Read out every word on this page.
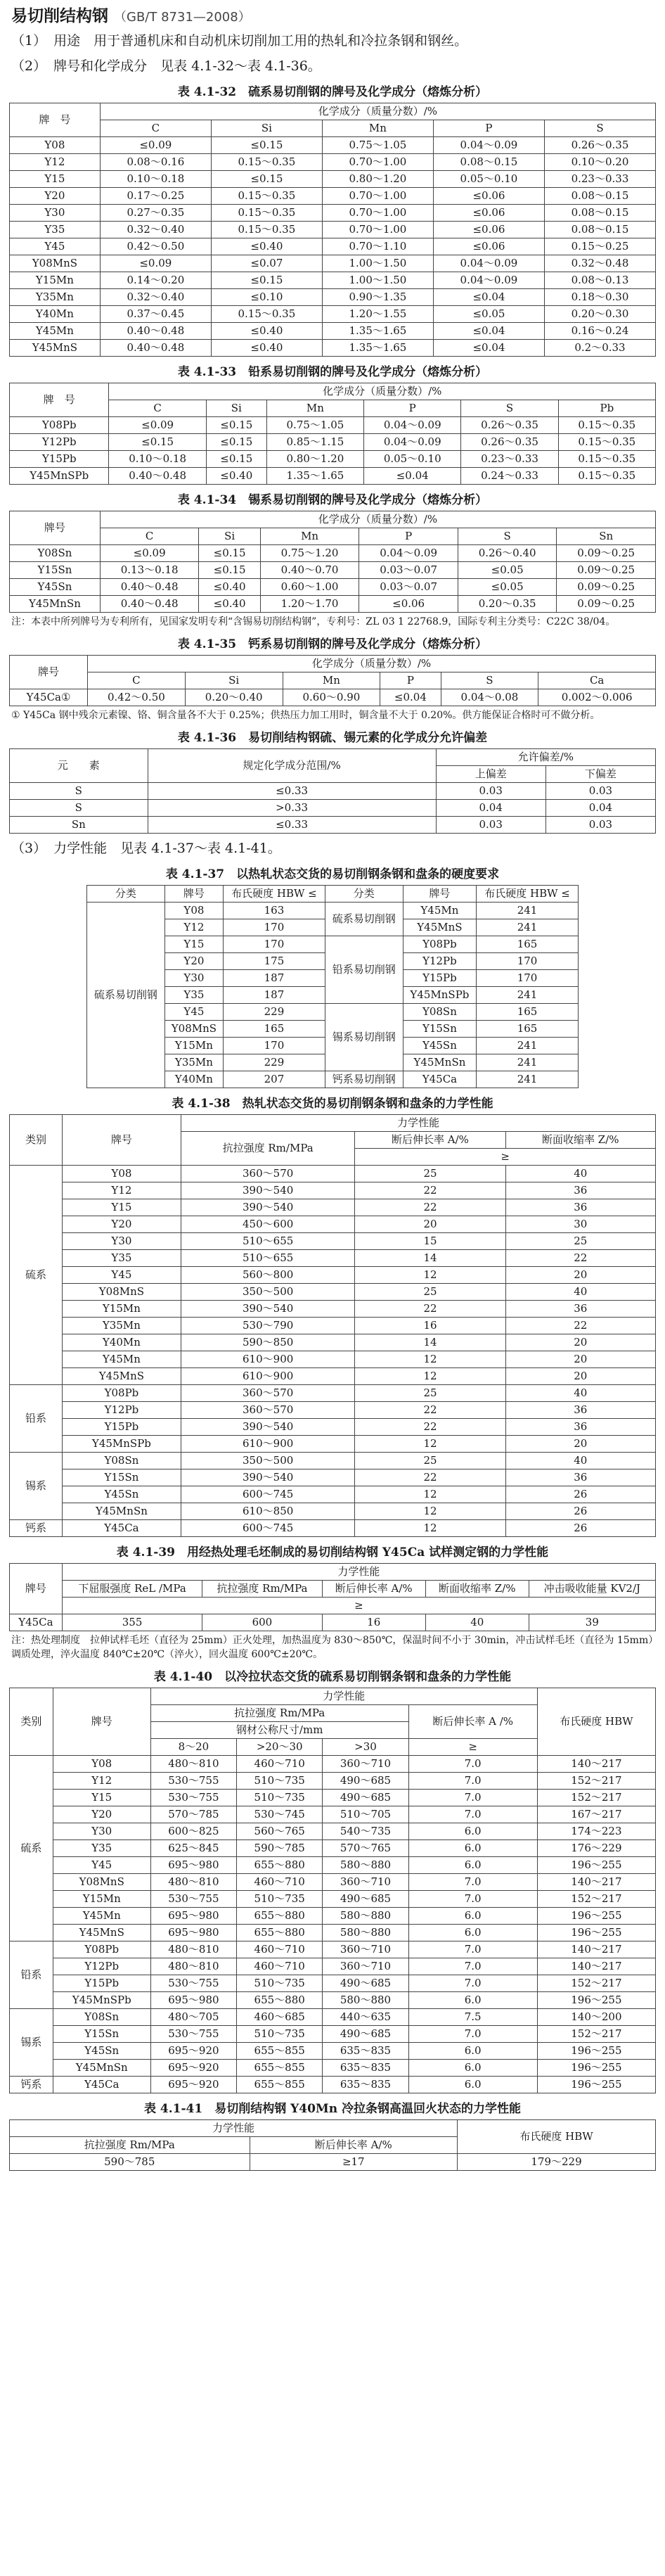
易切削结构钢 （GB/T 8731—2008）
（1） 用途　用于普通机床和自动机床切削加工用的热轧和冷拉条钢和钢丝。
（2） 牌号和化学成分　见表 4.1-32～表 4.1-36。
表 4.1-32　硫系易切削钢的牌号及化学成分（熔炼分析）
牌　号	化学成分（质量分数）/%				
	C	Si	Mn	P	S
Y08	≤0.09	≤0.15	0.75～1.05	0.04～0.09	0.26～0.35
Y12	0.08～0.16	0.15～0.35	0.70～1.00	0.08～0.15	0.10～0.20
Y15	0.10～0.18	≤0.15	0.80～1.20	0.05～0.10	0.23～0.33
Y20	0.17～0.25	0.15～0.35	0.70～1.00	≤0.06	0.08～0.15
Y30	0.27～0.35	0.15～0.35	0.70～1.00	≤0.06	0.08～0.15
Y35	0.32～0.40	0.15～0.35	0.70～1.00	≤0.06	0.08～0.15
Y45	0.42～0.50	≤0.40	0.70～1.10	≤0.06	0.15～0.25
Y08MnS	≤0.09	≤0.07	1.00～1.50	0.04～0.09	0.32～0.48
Y15Mn	0.14～0.20	≤0.15	1.00～1.50	0.04～0.09	0.08～0.13
Y35Mn	0.32～0.40	≤0.10	0.90～1.35	≤0.04	0.18～0.30
Y40Mn	0.37～0.45	0.15～0.35	1.20～1.55	≤0.05	0.20～0.30
Y45Mn	0.40～0.48	≤0.40	1.35～1.65	≤0.04	0.16～0.24
Y45MnS	0.40～0.48	≤0.40	1.35～1.65	≤0.04	0.2～0.33
表 4.1-33　铅系易切削钢的牌号及化学成分（熔炼分析）
牌　号	化学成分（质量分数）/%					
	C	Si	Mn	P	S	Pb
Y08Pb	≤0.09	≤0.15	0.75～1.05	0.04～0.09	0.26～0.35	0.15～0.35
Y12Pb	≤0.15	≤0.15	0.85～1.15	0.04～0.09	0.26～0.35	0.15～0.35
Y15Pb	0.10～0.18	≤0.15	0.80～1.20	0.05～0.10	0.23～0.33	0.15～0.35
Y45MnSPb	0.40～0.48	≤0.40	1.35～1.65	≤0.04	0.24～0.33	0.15～0.35
表 4.1-34　锡系易切削钢的牌号及化学成分（熔炼分析）
牌号	化学成分（质量分数）/%					
	C	Si	Mn	P	S	Sn
Y08Sn	≤0.09	≤0.15	0.75～1.20	0.04～0.09	0.26～0.40	0.09～0.25
Y15Sn	0.13～0.18	≤0.15	0.40～0.70	0.03～0.07	≤0.05	0.09～0.25
Y45Sn	0.40～0.48	≤0.40	0.60～1.00	0.03～0.07	≤0.05	0.09～0.25
Y45MnSn	0.40～0.48	≤0.40	1.20～1.70	≤0.06	0.20～0.35	0.09～0.25
注：本表中所列牌号为专利所有，见国家发明专利“含锡易切削结构钢”，专利号：ZL 03 1 22768.9，国际专利主分类号：C22C 38/04。
表 4.1-35　钙系易切削钢的牌号及化学成分（熔炼分析）
牌号	化学成分（质量分数）/%					
	C	Si	Mn	P	S	Ca
Y45Ca①	0.42～0.50	0.20～0.40	0.60～0.90	≤0.04	0.04～0.08	0.002～0.006
① Y45Ca 钢中残余元素镍、铬、铜含量各不大于 0.25%；供热压力加工用时，铜含量不大于 0.20%。供方能保证合格时可不做分析。
表 4.1-36　易切削结构钢硫、锡元素的化学成分允许偏差
元　　素	规定化学成分范围/%	允许偏差/%	
		上偏差	下偏差
S	≤0.33	0.03	0.03
S	>0.33	0.04	0.04
Sn	≤0.33	0.03	0.03
（3） 力学性能　见表 4.1-37～表 4.1-41。
表 4.1-37　以热轧状态交货的易切削钢条钢和盘条的硬度要求
分类	牌号	布氏硬度 HBW ≤	分类	牌号	布氏硬度 HBW ≤
硫系易切削钢	Y08	163	硫系易切削钢	Y45Mn	241
	Y12	170		Y45MnS	241
	Y15	170	铅系易切削钢	Y08Pb	165
	Y20	175		Y12Pb	170
	Y30	187		Y15Pb	170
	Y35	187		Y45MnSPb	241
	Y45	229	锡系易切削钢	Y08Sn	165
	Y08MnS	165		Y15Sn	165
	Y15Mn	170		Y45Sn	241
	Y35Mn	229		Y45MnSn	241
	Y40Mn	207	钙系易切削钢	Y45Ca	241
表 4.1-38　热轧状态交货的易切削钢条钢和盘条的力学性能
类别	牌号	力学性能		
		抗拉强度 Rm/MPa	断后伸长率 A/%	断面收缩率 Z/%
			≥	
硫系	Y08	360～570	25	40
	Y12	390～540	22	36
	Y15	390～540	22	36
	Y20	450～600	20	30
	Y30	510～655	15	25
	Y35	510～655	14	22
	Y45	560～800	12	20
	Y08MnS	350～500	25	40
	Y15Mn	390～540	22	36
	Y35Mn	530～790	16	22
	Y40Mn	590～850	14	20
	Y45Mn	610～900	12	20
	Y45MnS	610～900	12	20
铅系	Y08Pb	360～570	25	40
	Y12Pb	360～570	22	36
	Y15Pb	390～540	22	36
	Y45MnSPb	610～900	12	20
锡系	Y08Sn	350～500	25	40
	Y15Sn	390～540	22	36
	Y45Sn	600～745	12	26
	Y45MnSn	610～850	12	26
钙系	Y45Ca	600～745	12	26
表 4.1-39　用经热处理毛坯制成的易切削结构钢 Y45Ca 试样测定钢的力学性能
牌号	力学性能				
	下屈服强度 ReL /MPa	抗拉强度 Rm/MPa	断后伸长率 A/%	断面收缩率 Z/%	冲击吸收能量 KV2/J
	≥				
Y45Ca	355	600	16	40	39
注：热处理制度　拉伸试样毛坯（直径为 25mm）正火处理，加热温度为 830～850℃，保温时间不小于 30min，冲击试样毛坯（直径为 15mm）调质处理，淬火温度 840℃±20℃（淬火），回火温度 600℃±20℃。
表 4.1-40　以冷拉状态交货的硫系易切削钢条钢和盘条的力学性能
类别	牌号	力学性能				布氏硬度 HBW
		抗拉强度 Rm/MPa			断后伸长率 A /%	
		钢材公称尺寸/mm				
		8～20	>20～30	>30	≥	
硫系	Y08	480～810	460～710	360～710	7.0	140～217
	Y12	530～755	510～735	490～685	7.0	152～217
	Y15	530～755	510～735	490～685	7.0	152～217
	Y20	570～785	530～745	510～705	7.0	167～217
	Y30	600～825	560～765	540～735	6.0	174～223
	Y35	625～845	590～785	570～765	6.0	176～229
	Y45	695～980	655～880	580～880	6.0	196～255
	Y08MnS	480～810	460～710	360～710	7.0	140～217
	Y15Mn	530～755	510～735	490～685	7.0	152～217
	Y45Mn	695～980	655～880	580～880	6.0	196～255
	Y45MnS	695～980	655～880	580～880	6.0	196～255
铅系	Y08Pb	480～810	460～710	360～710	7.0	140～217
	Y12Pb	480～810	460～710	360～710	7.0	140～217
	Y15Pb	530～755	510～735	490～685	7.0	152～217
	Y45MnSPb	695～980	655～880	580～880	6.0	196～255
锡系	Y08Sn	480～705	460～685	440～635	7.5	140～200
	Y15Sn	530～755	510～735	490～685	7.0	152～217
	Y45Sn	695～920	655～855	635～835	6.0	196～255
	Y45MnSn	695～920	655～855	635～835	6.0	196～255
钙系	Y45Ca	695～920	655～855	635～835	6.0	196～255
表 4.1-41　易切削结构钢 Y40Mn 冷拉条钢高温回火状态的力学性能
力学性能		布氏硬度 HBW
抗拉强度 Rm/MPa	断后伸长率 A/%	
590～785	≥17	179～229
